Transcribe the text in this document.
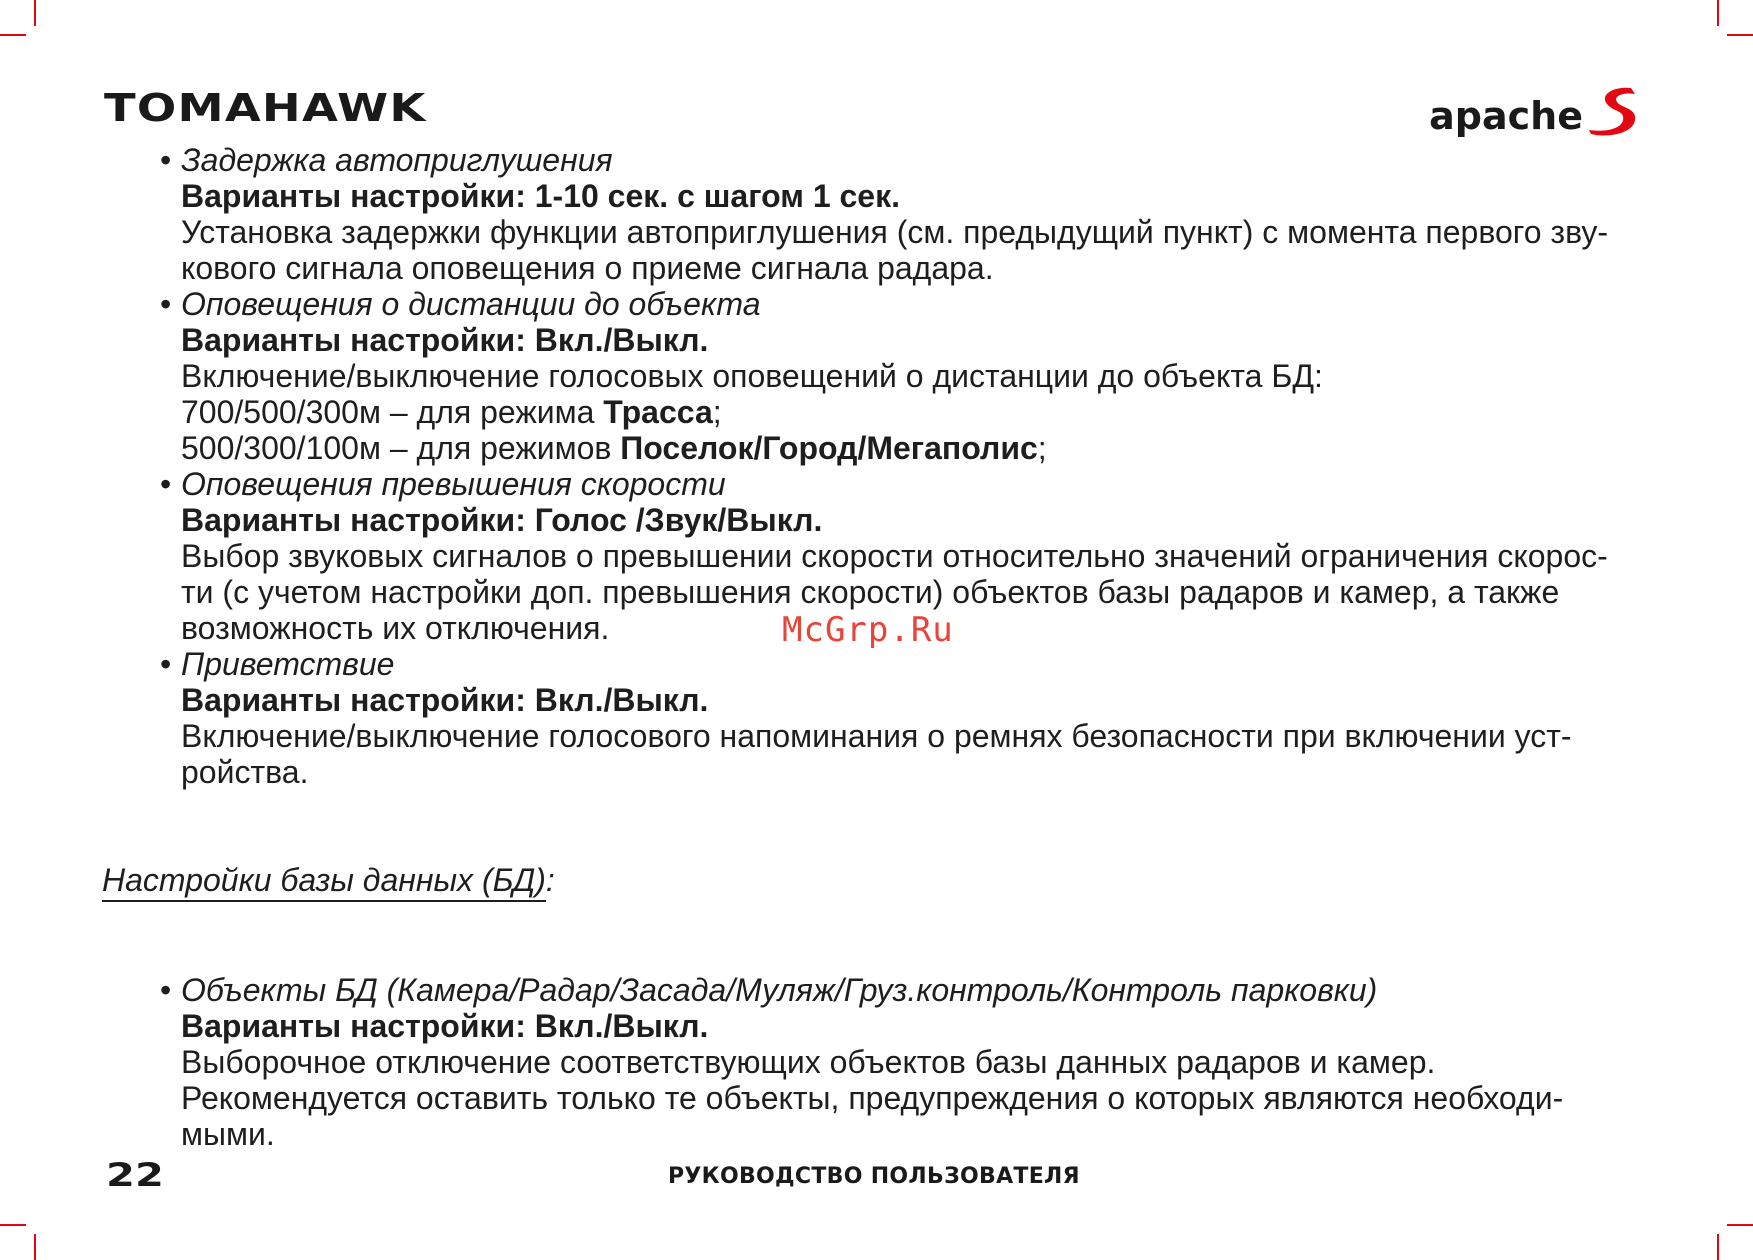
TOMAHAWK	apache
• Задержка автоприглушения
Варианты настройки: 1-10 сек. с шагом 1 сек.
Установка задержки функции автоприглушения (см. предыдущий пункт) с момента первого зву-
кового сигнала оповещения о приеме сигнала радара.
• Оповещения о дистанции до объекта
Варианты настройки: Вкл./Выкл.
Включение/выключение голосовых оповещений о дистанции до объекта БД:
700/500/300м – для режима Трасса;
500/300/100м – для режимов Поселок/Город/Мегаполис;
• Оповещения превышения скорости
Варианты настройки: Голос /Звук/Выкл.
Выбор звуковых сигналов о превышении скорости относительно значений ограничения скорос-
ти (с учетом настройки доп. превышения скорости) объектов базы радаров и камер, а также
возможность их отключения.
• Приветствие
Варианты настройки: Вкл./Выкл.
Включение/выключение голосового напоминания о ремнях безопасности при включении уст-
ройства.
Настройки базы данных (БД):
• Объекты БД (Камера/Радар/Засада/Муляж/Груз.контроль/Контроль парковки)
Варианты настройки: Вкл./Выкл.
Выборочное отключение соответствующих объектов базы данных радаров и камер.
Рекомендуется оставить только те объекты, предупреждения о которых являются необходи-
мыми.
McGrp.Ru
22	РУКОВОДСТВО ПОЛЬЗОВАТЕЛЯ
